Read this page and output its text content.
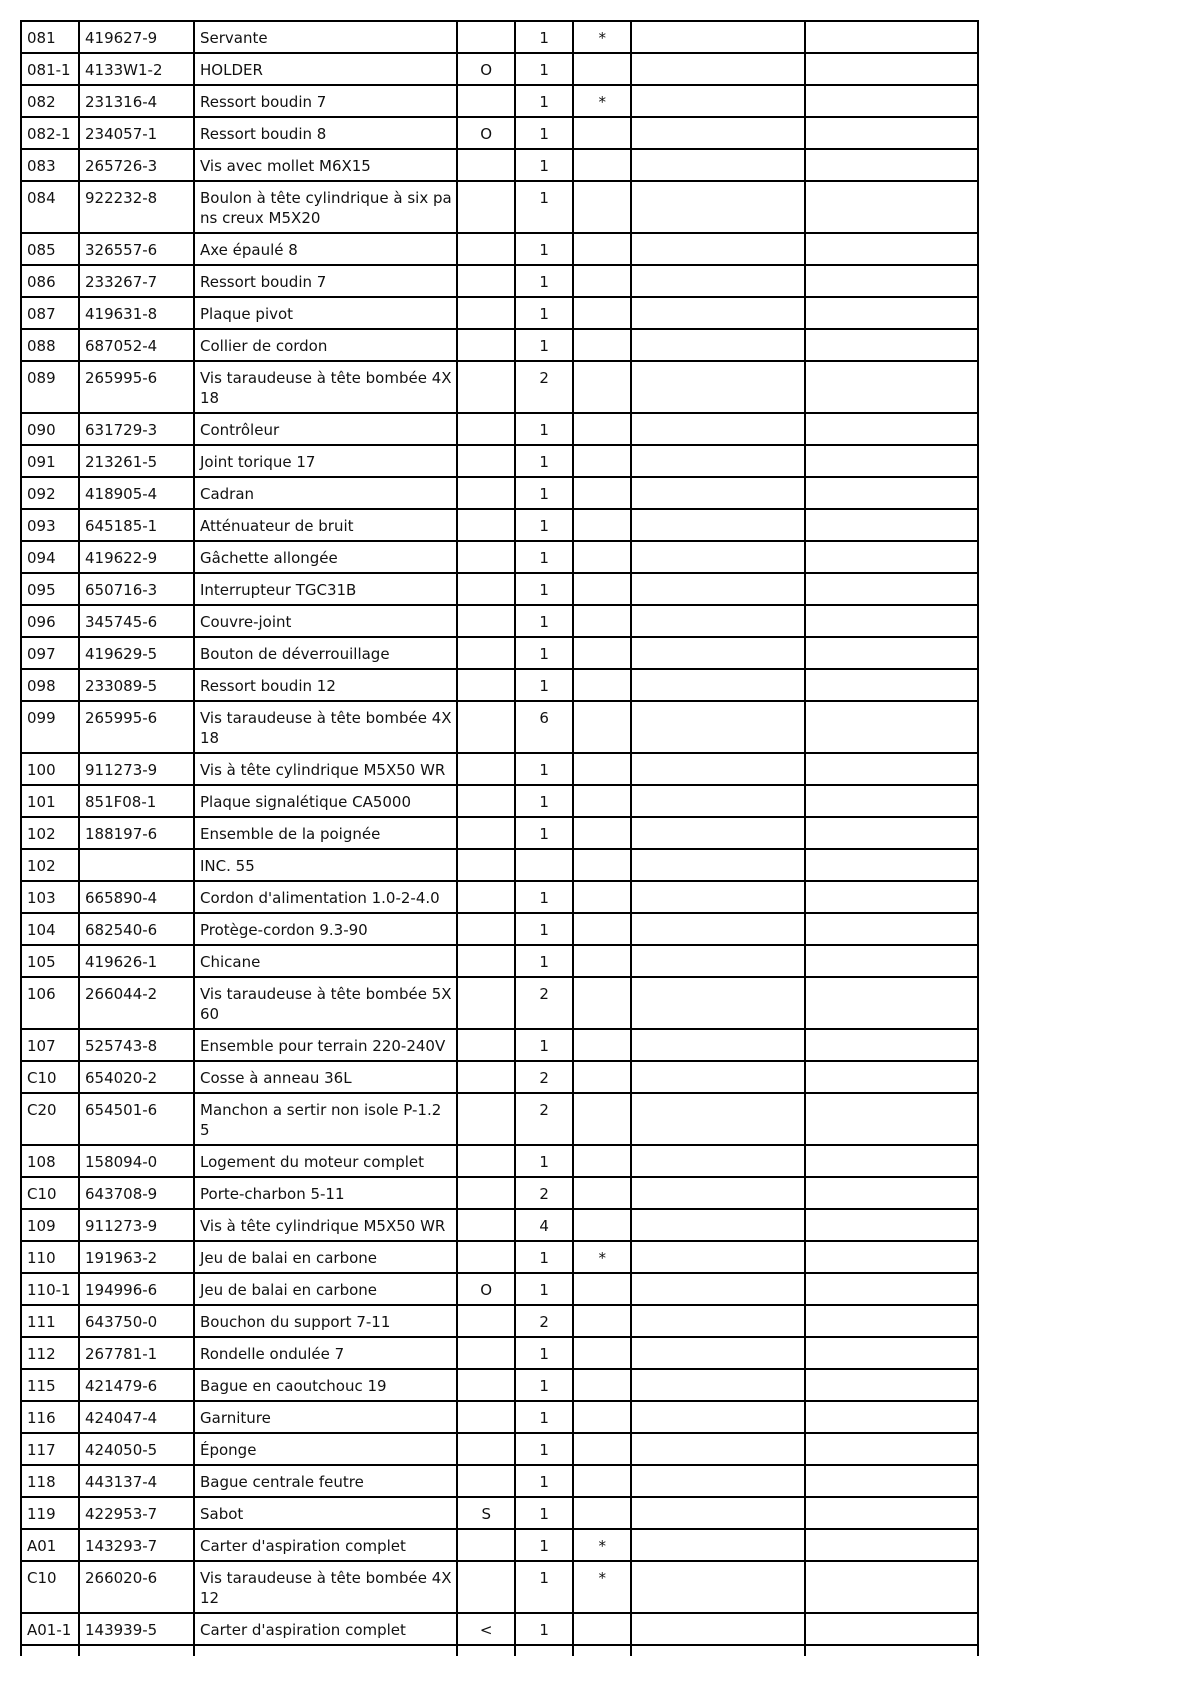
081	419627-9	Servante		1	*		
081-1	4133W1-2	HOLDER	O	1			
082	231316-4	Ressort boudin 7		1	*		
082-1	234057-1	Ressort boudin 8	O	1			
083	265726-3	Vis avec mollet M6X15		1			
084	922232-8	Boulon à tête cylindrique à six pa
ns creux M5X20		1			
085	326557-6	Axe épaulé 8		1			
086	233267-7	Ressort boudin 7		1			
087	419631-8	Plaque pivot		1			
088	687052-4	Collier de cordon		1			
089	265995-6	Vis taraudeuse à tête bombée 4X
18		2			
090	631729-3	Contrôleur		1			
091	213261-5	Joint torique 17		1			
092	418905-4	Cadran		1			
093	645185-1	Atténuateur de bruit		1			
094	419622-9	Gâchette allongée		1			
095	650716-3	Interrupteur TGC31B		1			
096	345745-6	Couvre-joint		1			
097	419629-5	Bouton de déverrouillage		1			
098	233089-5	Ressort boudin 12		1			
099	265995-6	Vis taraudeuse à tête bombée 4X
18		6			
100	911273-9	Vis à tête cylindrique M5X50 WR		1			
101	851F08-1	Plaque signalétique CA5000		1			
102	188197-6	Ensemble de la poignée		1			
102		INC. 55					
103	665890-4	Cordon d'alimentation 1.0-2-4.0		1			
104	682540-6	Protège-cordon 9.3-90		1			
105	419626-1	Chicane		1			
106	266044-2	Vis taraudeuse à tête bombée 5X
60		2			
107	525743-8	Ensemble pour terrain 220-240V		1			
C10	654020-2	Cosse à anneau 36L		2			
C20	654501-6	Manchon a sertir non isole P-1.2
5		2			
108	158094-0	Logement du moteur complet		1			
C10	643708-9	Porte-charbon 5-11		2			
109	911273-9	Vis à tête cylindrique M5X50 WR		4			
110	191963-2	Jeu de balai en carbone		1	*		
110-1	194996-6	Jeu de balai en carbone	O	1			
111	643750-0	Bouchon du support 7-11		2			
112	267781-1	Rondelle ondulée 7		1			
115	421479-6	Bague en caoutchouc 19		1			
116	424047-4	Garniture		1			
117	424050-5	Éponge		1			
118	443137-4	Bague centrale feutre		1			
119	422953-7	Sabot	S	1			
A01	143293-7	Carter d'aspiration complet		1	*		
C10	266020-6	Vis taraudeuse à tête bombée 4X
12		1	*		
A01-1	143939-5	Carter d'aspiration complet	<	1			
